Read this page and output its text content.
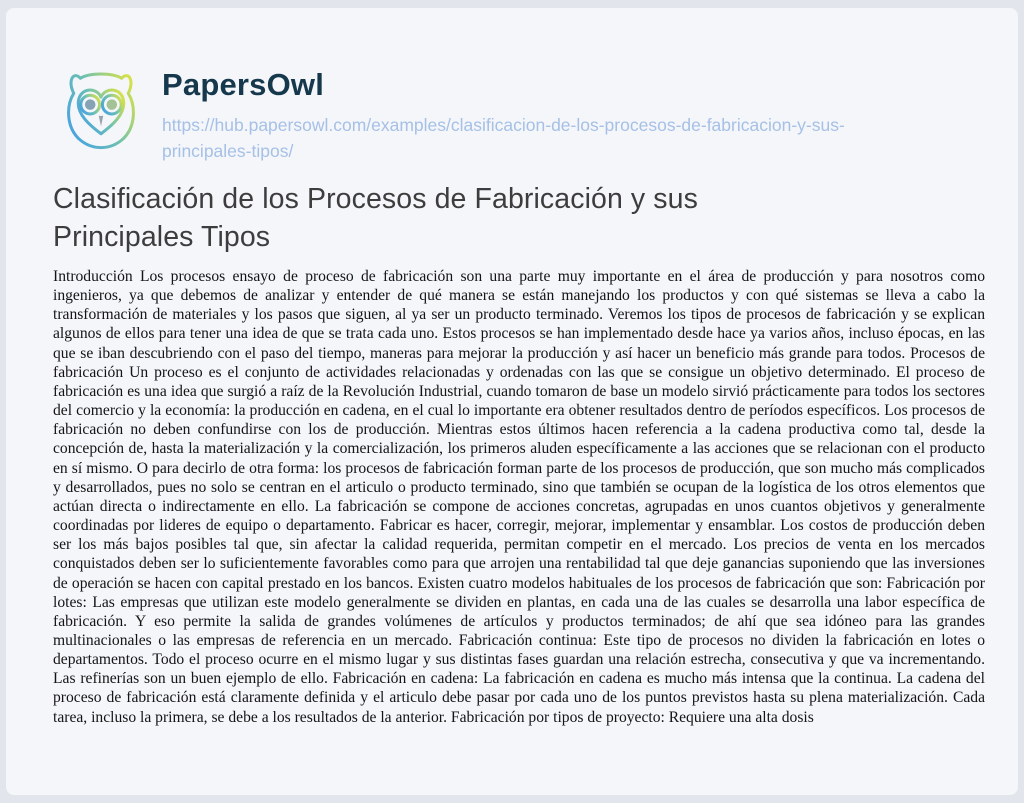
PapersOwl
https://hub.papersowl.com/examples/clasificacion-de-los-procesos-de-fabricacion-y-sus-principales-tipos/
Clasificación de los Procesos de Fabricación y sus Principales Tipos
Introducción Los procesos ensayo de proceso de fabricación son una parte muy importante en el área de producción y para nosotros como ingenieros, ya que debemos de analizar y entender de qué manera se están manejando los productos y con qué sistemas se lleva a cabo la transformación de materiales y los pasos que siguen, al ya ser un producto terminado. Veremos los tipos de procesos de fabricación y se explican algunos de ellos para tener una idea de que se trata cada uno. Estos procesos se han implementado desde hace ya varios años, incluso épocas, en las que se iban descubriendo con el paso del tiempo, maneras para mejorar la producción y así hacer un beneficio más grande para todos. Procesos de fabricación Un proceso es el conjunto de actividades relacionadas y ordenadas con las que se consigue un objetivo determinado. El proceso de fabricación es una idea que surgió a raíz de la Revolución Industrial, cuando tomaron de base un modelo sirvió prácticamente para todos los sectores del comercio y la economía: la producción en cadena, en el cual lo importante era obtener resultados dentro de períodos específicos. Los procesos de fabricación no deben confundirse con los de producción. Mientras estos últimos hacen referencia a la cadena productiva como tal, desde la concepción de, hasta la materialización y la comercialización, los primeros aluden específicamente a las acciones que se relacionan con el producto en sí mismo. O para decirlo de otra forma: los procesos de fabricación forman parte de los procesos de producción, que son mucho más complicados y desarrollados, pues no solo se centran en el articulo o producto terminado, sino que también se ocupan de la logística de los otros elementos que actúan directa o indirectamente en ello. La fabricación se compone de acciones concretas, agrupadas en unos cuantos objetivos y generalmente coordinadas por lideres de equipo o departamento. Fabricar es hacer, corregir, mejorar, implementar y ensamblar. Los costos de producción deben ser los más bajos posibles tal que, sin afectar la calidad requerida, permitan competir en el mercado. Los precios de venta en los mercados conquistados deben ser lo suficientemente favorables como para que arrojen una rentabilidad tal que deje ganancias suponiendo que las inversiones de operación se hacen con capital prestado en los bancos. Existen cuatro modelos habituales de los procesos de fabricación que son: Fabricación por lotes: Las empresas que utilizan este modelo generalmente se dividen en plantas, en cada una de las cuales se desarrolla una labor específica de fabricación. Y eso permite la salida de grandes volúmenes de artículos y productos terminados; de ahí que sea idóneo para las grandes multinacionales o las empresas de referencia en un mercado. Fabricación continua: Este tipo de procesos no dividen la fabricación en lotes o departamentos. Todo el proceso ocurre en el mismo lugar y sus distintas fases guardan una relación estrecha, consecutiva y que va incrementando. Las refinerías son un buen ejemplo de ello. Fabricación en cadena: La fabricación en cadena es mucho más intensa que la continua. La cadena del proceso de fabricación está claramente definida y el articulo debe pasar por cada uno de los puntos previstos hasta su plena materialización. Cada tarea, incluso la primera, se debe a los resultados de la anterior. Fabricación por tipos de proyecto: Requiere una alta dosis
